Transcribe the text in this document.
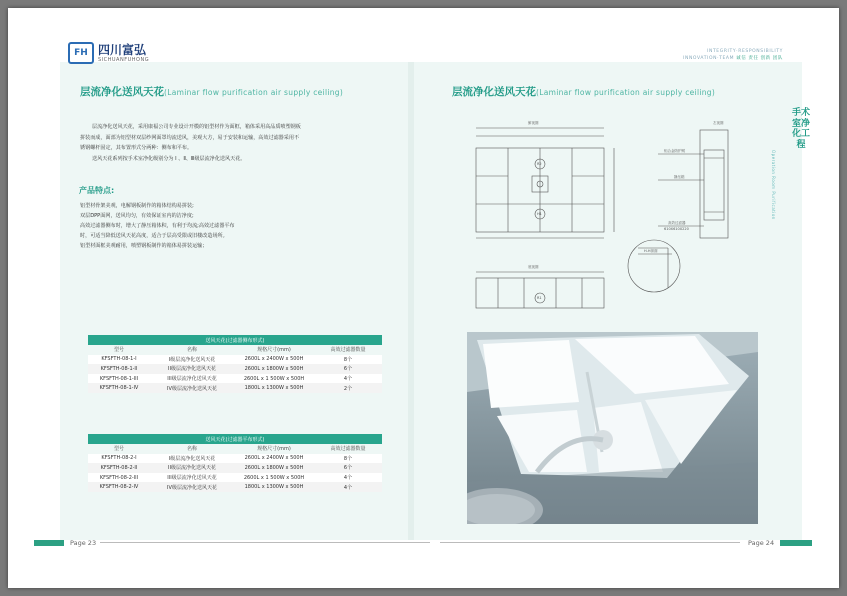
FH 四川富弘
SICHUANFUHONG
INTEGRITY·RESPONSIBILITY
INNOVATION·TEAM 诚信 责任 创新 团队
层流净化送风天花(Laminar flow purification air supply ceiling)

层流净化送风天花，采用康福公司专业设计开模的铝型材作为面框，箱体采用高品质喷塑钢板拼装而成，面部为铝型材双层纱网面罩均流送风，美观大方，易于安装和运输，高效过滤器采用不锈钢螺杆固定，其布置形式分两种：侧布和平布。

送风天花系列按手术室净化级别分为 Ⅰ 、Ⅱ、Ⅲ级层流净化送风天花。

产品特点:
铝型材骨架美观，电解钢板制作的箱体结构易拼装;
双层DPP面网，送风均匀，有效保证室内的洁净度;
高效过滤器侧布时，增大了静压箱体积，有利于均流;高效过滤器平布
时，可适当降低送风天花高度，适合于层高受限或旧楼改造场所。
铝型材面框美观耐用，喷塑钢板制作的箱体易拼装运输；
送风天花(过滤器侧布形式)			
型号	名称	规格尺寸(mm)	高效过滤器数量
KFSFTH-08-1-I	I级层流净化送风天花	2600L x 2400W x 500H	8个
KFSFTH-08-1-II	II级层流净化送风天花	2600L x 1800W x 500H	6个
KFSFTH-08-1-III	III级层流净化送风天花	2600L x 1 500W x 500H	4个
KFSFTH-08-1-IV	IV级层流净化送风天花	1800L x 1300W x 500H	2个
送风天花(过滤器平布形式)			
型号	名称	规格尺寸(mm)	高效过滤器数量
KFSFTH-08-2-I	I级层流净化送风天花	2600L x 2400W x 500H	8个
KFSFTH-08-2-II	II级层流净化送风天花	2600L x 1800W x 500H	6个
KFSFTH-08-2-III	III级层流净化送风天花	2600L x 1 500W x 500H	4个
KFSFTH-08-2-IV	IV级层流净化送风天花	1800L x 1300W x 500H	4个
层流净化送风天花(Laminar flow purification air supply ceiling)
手术室净化工程
Operation Room Purification
俯视图	左视图
R2
H1
铝合金防护网
静压箱
高效过滤器
610X610X220
H-H剖面
底视图
R1
Page 23	Page 24
